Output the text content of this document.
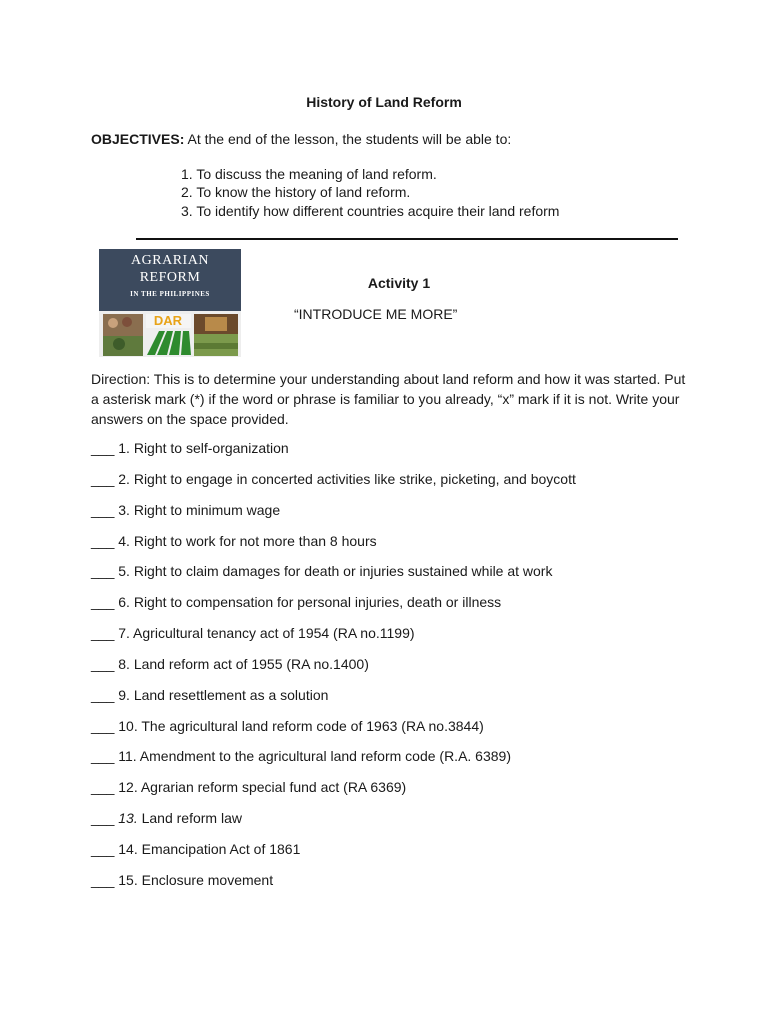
History of Land Reform
OBJECTIVES: At the end of the lesson, the students will be able to:
1. To discuss the meaning of land reform.
2. To know the history of land reform.
3. To identify how different countries acquire their land reform
AGRARIAN
REFORM
IN THE PHILIPPINES
DAR
Activity 1
“INTRODUCE ME MORE”
Direction: This is to determine your understanding about land reform and how it was started. Put a asterisk mark (*) if the word or phrase is familiar to you already, “x” mark if it is not. Write your answers on the space provided.
___ 1. Right to self-organization
___ 2. Right to engage in concerted activities like strike, picketing, and boycott
___ 3. Right to minimum wage
___ 4. Right to work for not more than 8 hours
___ 5. Right to claim damages for death or injuries sustained while at work
___ 6. Right to compensation for personal injuries, death or illness
___ 7. Agricultural tenancy act of 1954 (RA no.1199)
___ 8. Land reform act of 1955 (RA no.1400)
___ 9. Land resettlement as a solution
___ 10. The agricultural land reform code of 1963 (RA no.3844)
___ 11. Amendment to the agricultural land reform code (R.A. 6389)
___ 12. Agrarian reform special fund act (RA 6369)
___ 13. Land reform law
___ 14. Emancipation Act of 1861
___ 15. Enclosure movement
